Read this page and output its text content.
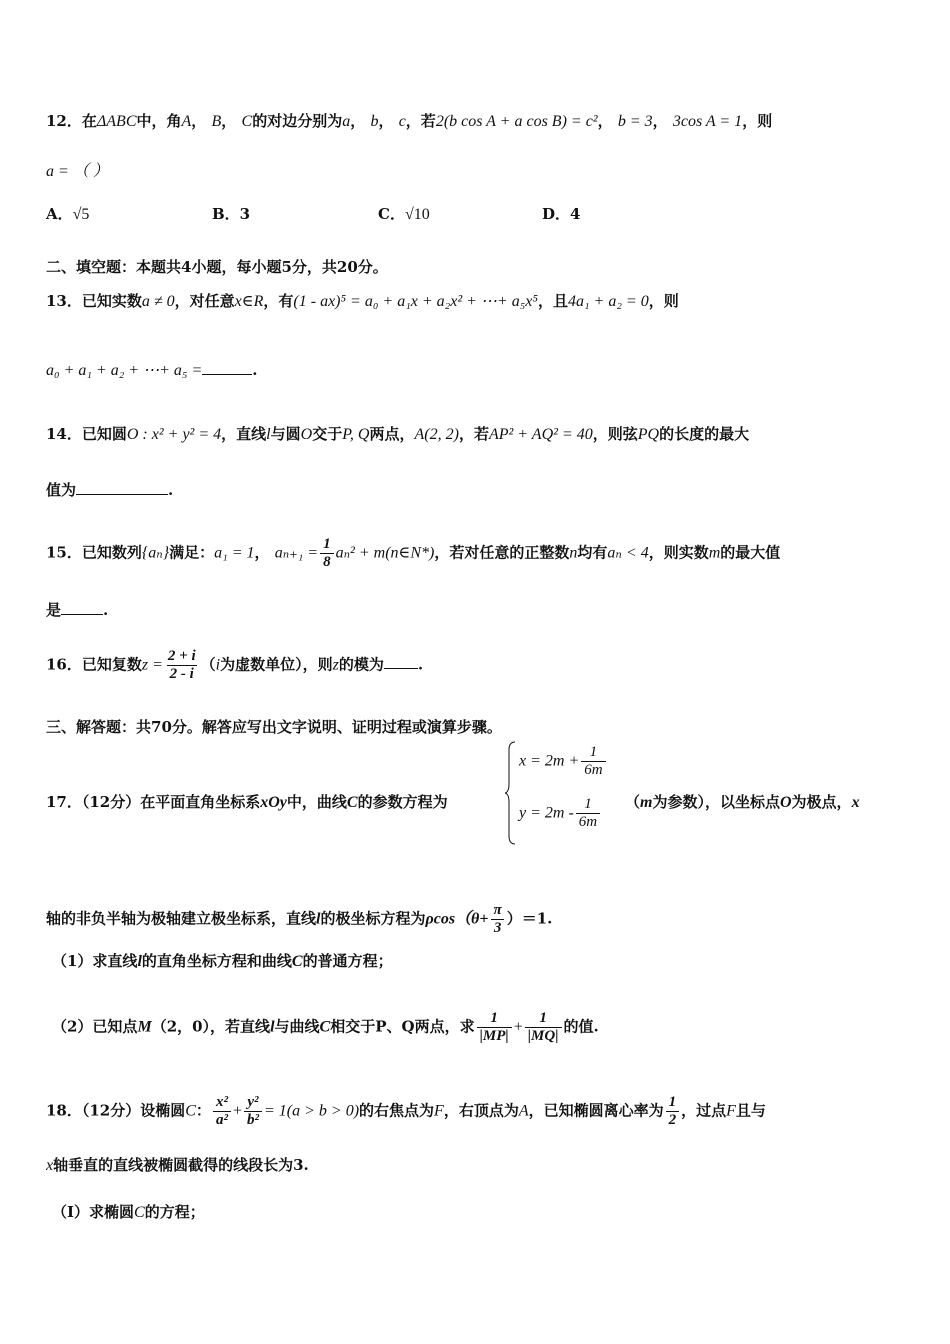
12．在ΔABC中，角A， B， C的对边分别为a， b， c，若2(b cos A + a cos B) = c²， b = 3， 3cos A = 1，则
a = （ ）
A．√5	B．3	C．√10	D．4
二、填空题：本题共4小题，每小题5分，共20分。
13．已知实数a ≠ 0，对任意x∈R，有(1 - ax)⁵ = a₀ + a₁x + a₂x² + ⋯+ a₅x⁵，且4a₁ + a₂ = 0，则
a₀ + a₁ + a₂ + ⋯+ a₅ =	.
14．已知圆O : x² + y² = 4，直线l与圆O交于P, Q两点，A(2, 2)，若AP² + AQ² = 40，则弦PQ的长度的最大
值为	.
15．已知数列{aₙ}满足：a₁ = 1， $a_{n+1} = \frac{1}{8} a_n^2$ + m(n∈N*)，若对任意的正整数n均有aₙ < 4，则实数m的最大值
是	.
16．已知复数$z = \frac{2 + i}{2 - i} (i$为虚数单位），则z的模为 .
三、解答题：共70分。解答应写出文字说明、证明过程或演算步骤。
17．（12分）在平面直角坐标系xOy中，曲线C的参数方程为
$x = 2m + \frac{1}{6m}$
$y = 2m - \frac{1}{6m} (m$为参数），以坐标点O为极点，x
轴的非负半轴为极轴建立极坐标系，直线l的极坐标方程为$\rho\cos(\theta+ \frac{\pi}{3} )=1$.
（1）求直线l的直角坐标方程和曲线C的普通方程；
（2）已知点M（2，0），若直线l与曲线C相交于P、Q两点，求 $\frac{1}{|MP|} + \frac{1}{|MQ|}$ 的值.
18．（12分）设椭圆C： $\frac{\text{x²}}{\text{a²}} + \frac{\text{y²}}{\text{b²}} = 1(a > b > 0)$的右焦点为F，右顶点为A，已知椭圆离心率为 $\frac{1}{2}$ ，过点F且与
x轴垂直的直线被椭圆截得的线段长为3.
（Ⅰ）求椭圆C的方程；
